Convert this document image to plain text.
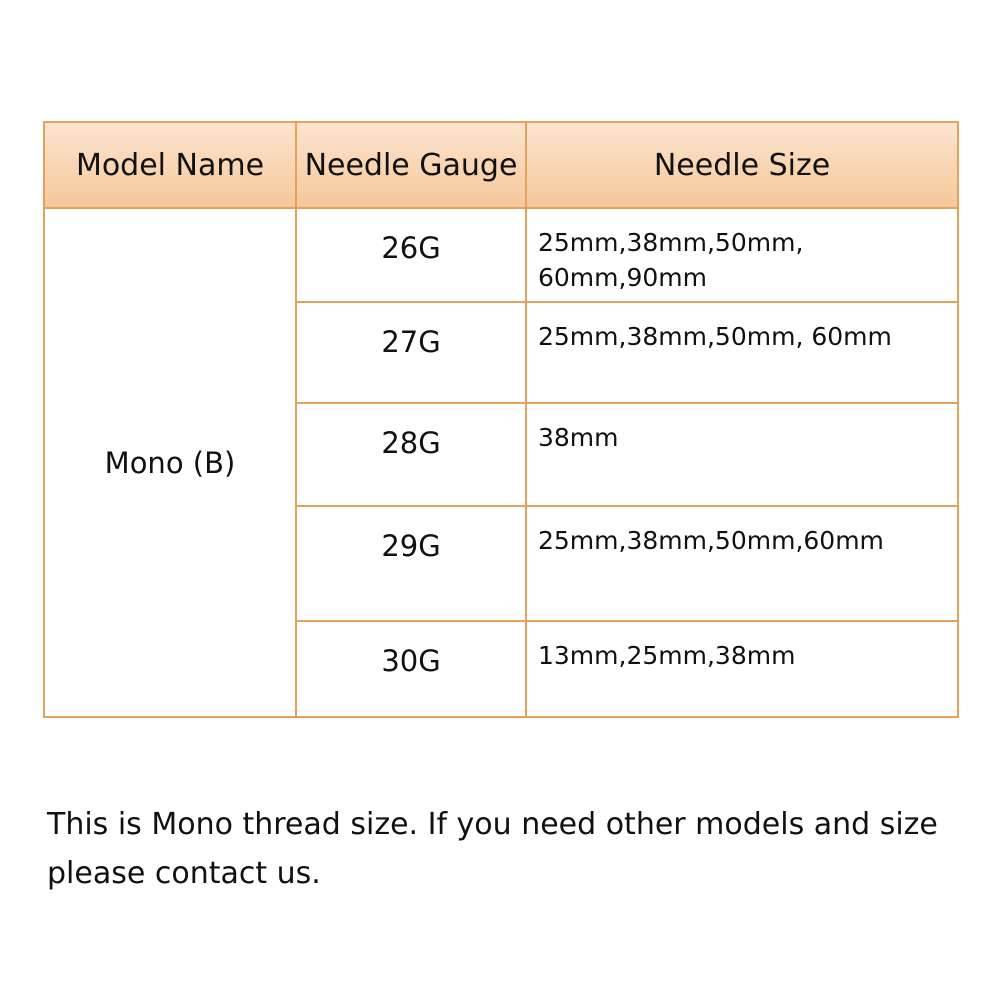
Model Name	Needle Gauge	Needle Size
Mono (B)	26G	25mm,38mm,50mm,
60mm,90mm
	27G	25mm,38mm,50mm, 60mm
	28G	38mm
	29G	25mm,38mm,50mm,60mm
	30G	13mm,25mm,38mm

This is Mono thread size. If you need other models and size please contact us.
